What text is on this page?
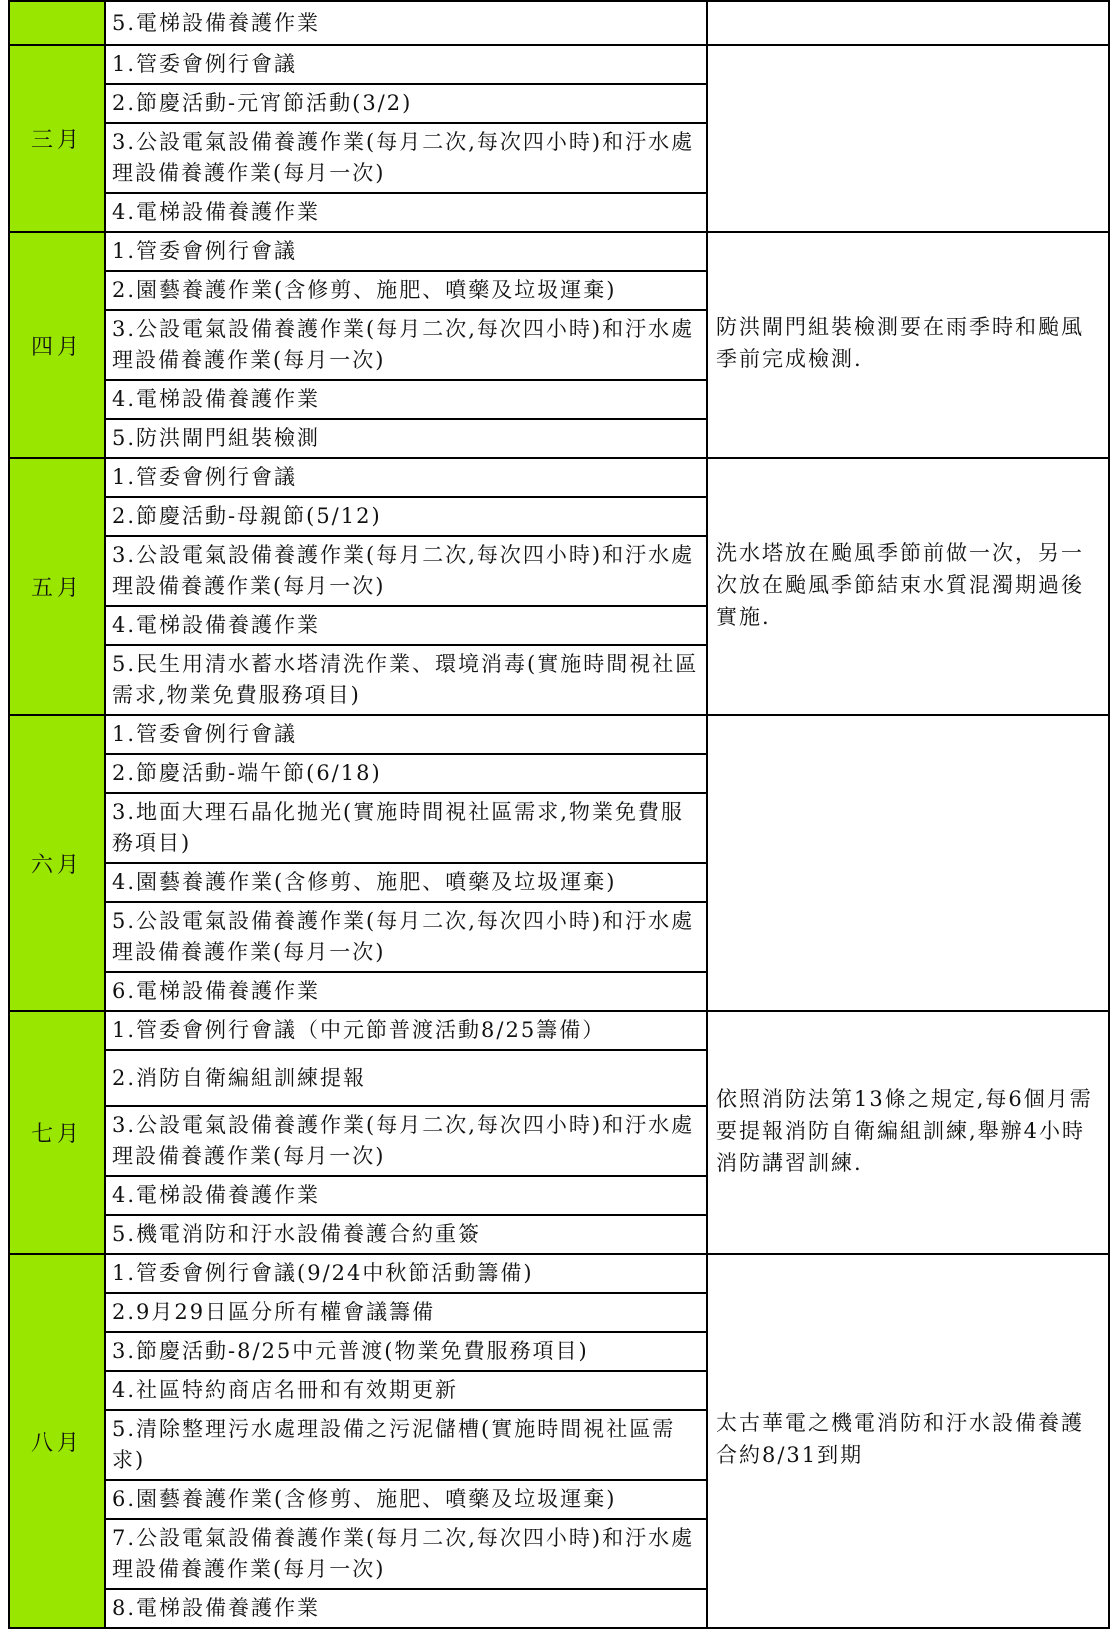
	5.電梯設備養護作業	

三月	1.管委會例行會議	

	2.節慶活動-元宵節活動(3/2)	
	3.公設電氣設備養護作業(每月二次,每次四小時)和汙水處理設備養護作業(每月一次)	
	4.電梯設備養護作業	
四月	1.管委會例行會議	防洪閘門組裝檢測要在雨季時和颱風季前完成檢測.

	2.園藝養護作業(含修剪、施肥、噴藥及垃圾運棄)	
	3.公設電氣設備養護作業(每月二次,每次四小時)和汙水處理設備養護作業(每月一次)	
	4.電梯設備養護作業	
	5.防洪閘門組裝檢測	
五月	1.管委會例行會議	洗水塔放在颱風季節前做一次，另一次放在颱風季節結束水質混濁期過後實施.

	2.節慶活動-母親節(5/12)	
	3.公設電氣設備養護作業(每月二次,每次四小時)和汙水處理設備養護作業(每月一次)	
	4.電梯設備養護作業	
	5.民生用清水蓄水塔清洗作業、環境消毒(實施時間視社區需求,物業免費服務項目)	
六月	1.管委會例行會議	

	2.節慶活動-端午節(6/18)	
	3.地面大理石晶化拋光(實施時間視社區需求,物業免費服務項目)	
	4.園藝養護作業(含修剪、施肥、噴藥及垃圾運棄)	
	5.公設電氣設備養護作業(每月二次,每次四小時)和汙水處理設備養護作業(每月一次)	
	6.電梯設備養護作業	
七月	1.管委會例行會議（中元節普渡活動8/25籌備）	依照消防法第13條之規定,每6個月需要提報消防自衛編組訓練,舉辦4小時消防講習訓練.

	2.消防自衛編組訓練提報	
	3.公設電氣設備養護作業(每月二次,每次四小時)和汙水處理設備養護作業(每月一次)	
	4.電梯設備養護作業	
	5.機電消防和汙水設備養護合約重簽	
八月	1.管委會例行會議(9/24中秋節活動籌備)	太古華電之機電消防和汙水設備養護合約8/31到期

	2.9月29日區分所有權會議籌備	
	3.節慶活動-8/25中元普渡(物業免費服務項目)	
	4.社區特約商店名冊和有效期更新	
	5.清除整理污水處理設備之污泥儲槽(實施時間視社區需求)	
	6.園藝養護作業(含修剪、施肥、噴藥及垃圾運棄)	
	7.公設電氣設備養護作業(每月二次,每次四小時)和汙水處理設備養護作業(每月一次)	
	8.電梯設備養護作業	
